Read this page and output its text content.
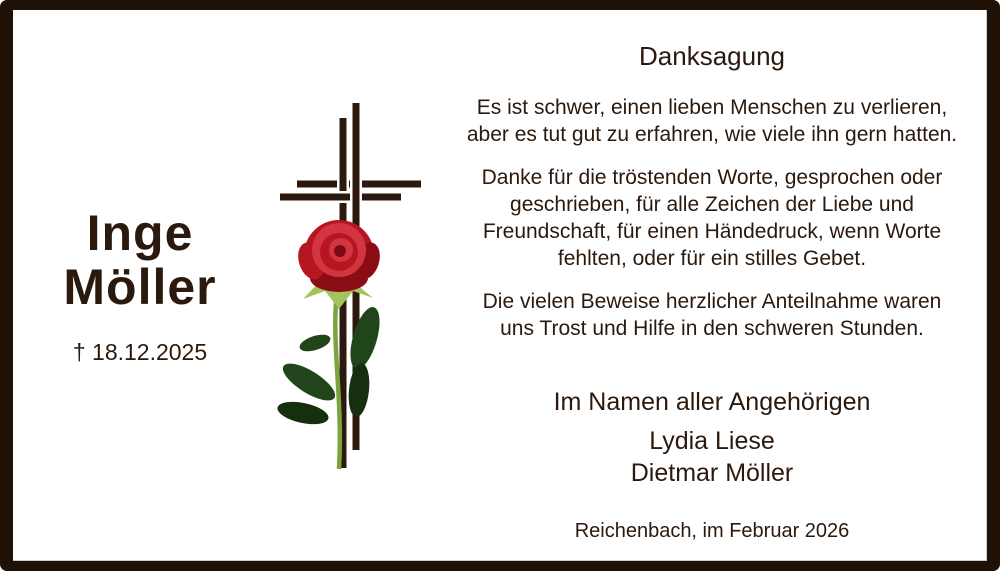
Inge
Möller
† 18.12.2025
Danksagung

Es ist schwer, einen lieben Menschen zu verlieren,
aber es tut gut zu erfahren, wie viele ihn gern hatten.

Danke für die tröstenden Worte, gesprochen oder
geschrieben, für alle Zeichen der Liebe und
Freundschaft, für einen Händedruck, wenn Worte
fehlten, oder für ein stilles Gebet.

Die vielen Beweise herzlicher Anteilnahme waren
uns Trost und Hilfe in den schweren Stunden.

Im Namen aller Angehörigen
Lydia Liese
Dietmar Möller
Reichenbach, im Februar 2026
